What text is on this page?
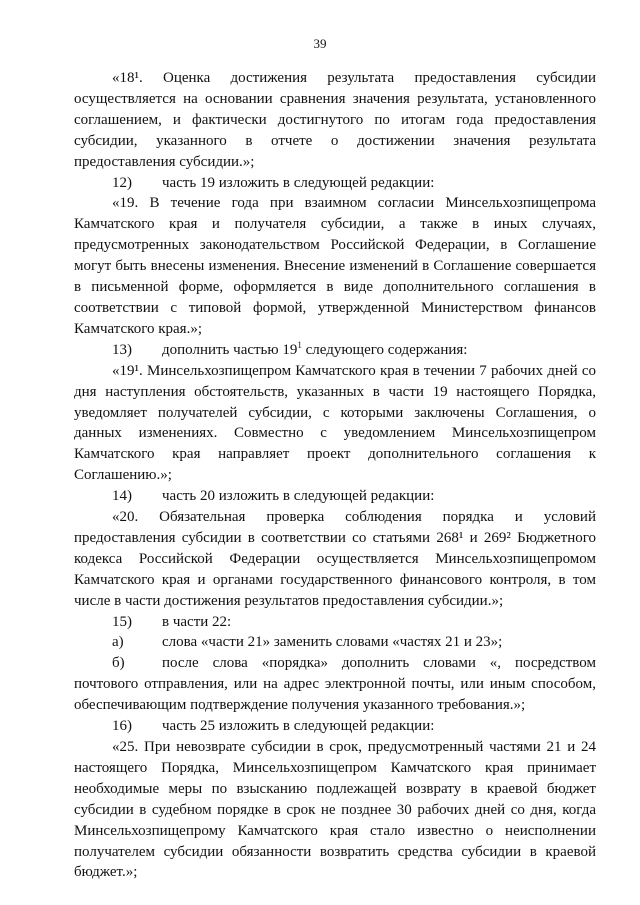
39

«18¹. Оценка достижения результата предоставления субсидии осуществляется на основании сравнения значения результата, установленного соглашением, и фактически достигнутого по итогам года предоставления субсидии, указанного в отчете о достижении значения результата предоставления субсидии.»;

12) часть 19 изложить в следующей редакции:

«19. В течение года при взаимном согласии Минсельхозпищепрома Камчатского края и получателя субсидии, а также в иных случаях, предусмотренных законодательством Российской Федерации, в Соглашение могут быть внесены изменения. Внесение изменений в Соглашение совершается в письменной форме, оформляется в виде дополнительного соглашения в соответствии с типовой формой, утвержденной Министерством финансов Камчатского края.»;

13) дополнить частью $19^1$ следующего содержания:

«19¹. Минсельхозпищепром Камчатского края в течении 7 рабочих дней со дня наступления обстоятельств, указанных в части 19 настоящего Порядка, уведомляет получателей субсидии, с которыми заключены Соглашения, о данных изменениях. Совместно с уведомлением Минсельхозпищепром Камчатского края направляет проект дополнительного соглашения к Соглашению.»;

14) часть 20 изложить в следующей редакции:

«20. Обязательная проверка соблюдения порядка и условий предоставления субсидии в соответствии со статьями 268¹ и 269² Бюджетного кодекса Российской Федерации осуществляется Минсельхозпищепромом Камчатского края и органами государственного финансового контроля, в том числе в части достижения результатов предоставления субсидии.»;

15) в части 22:

а)	слова «части 21» заменить словами «частях 21 и 23»;

б) после слова «порядка» дополнить словами «, посредством почтового отправления, или на адрес электронной почты, или иным способом, обеспечивающим подтверждение получения указанного требования.»;

16) часть 25 изложить в следующей редакции:

«25. При невозврате субсидии в срок, предусмотренный частями 21 и 24 настоящего Порядка, Минсельхозпищепром Камчатского края принимает необходимые меры по взысканию подлежащей возврату в краевой бюджет субсидии в судебном порядке в срок не позднее 30 рабочих дней со дня, когда Минсельхозпищепрому Камчатского края стало известно о неисполнении получателем субсидии обязанности возвратить средства субсидии в краевой бюджет.»;
